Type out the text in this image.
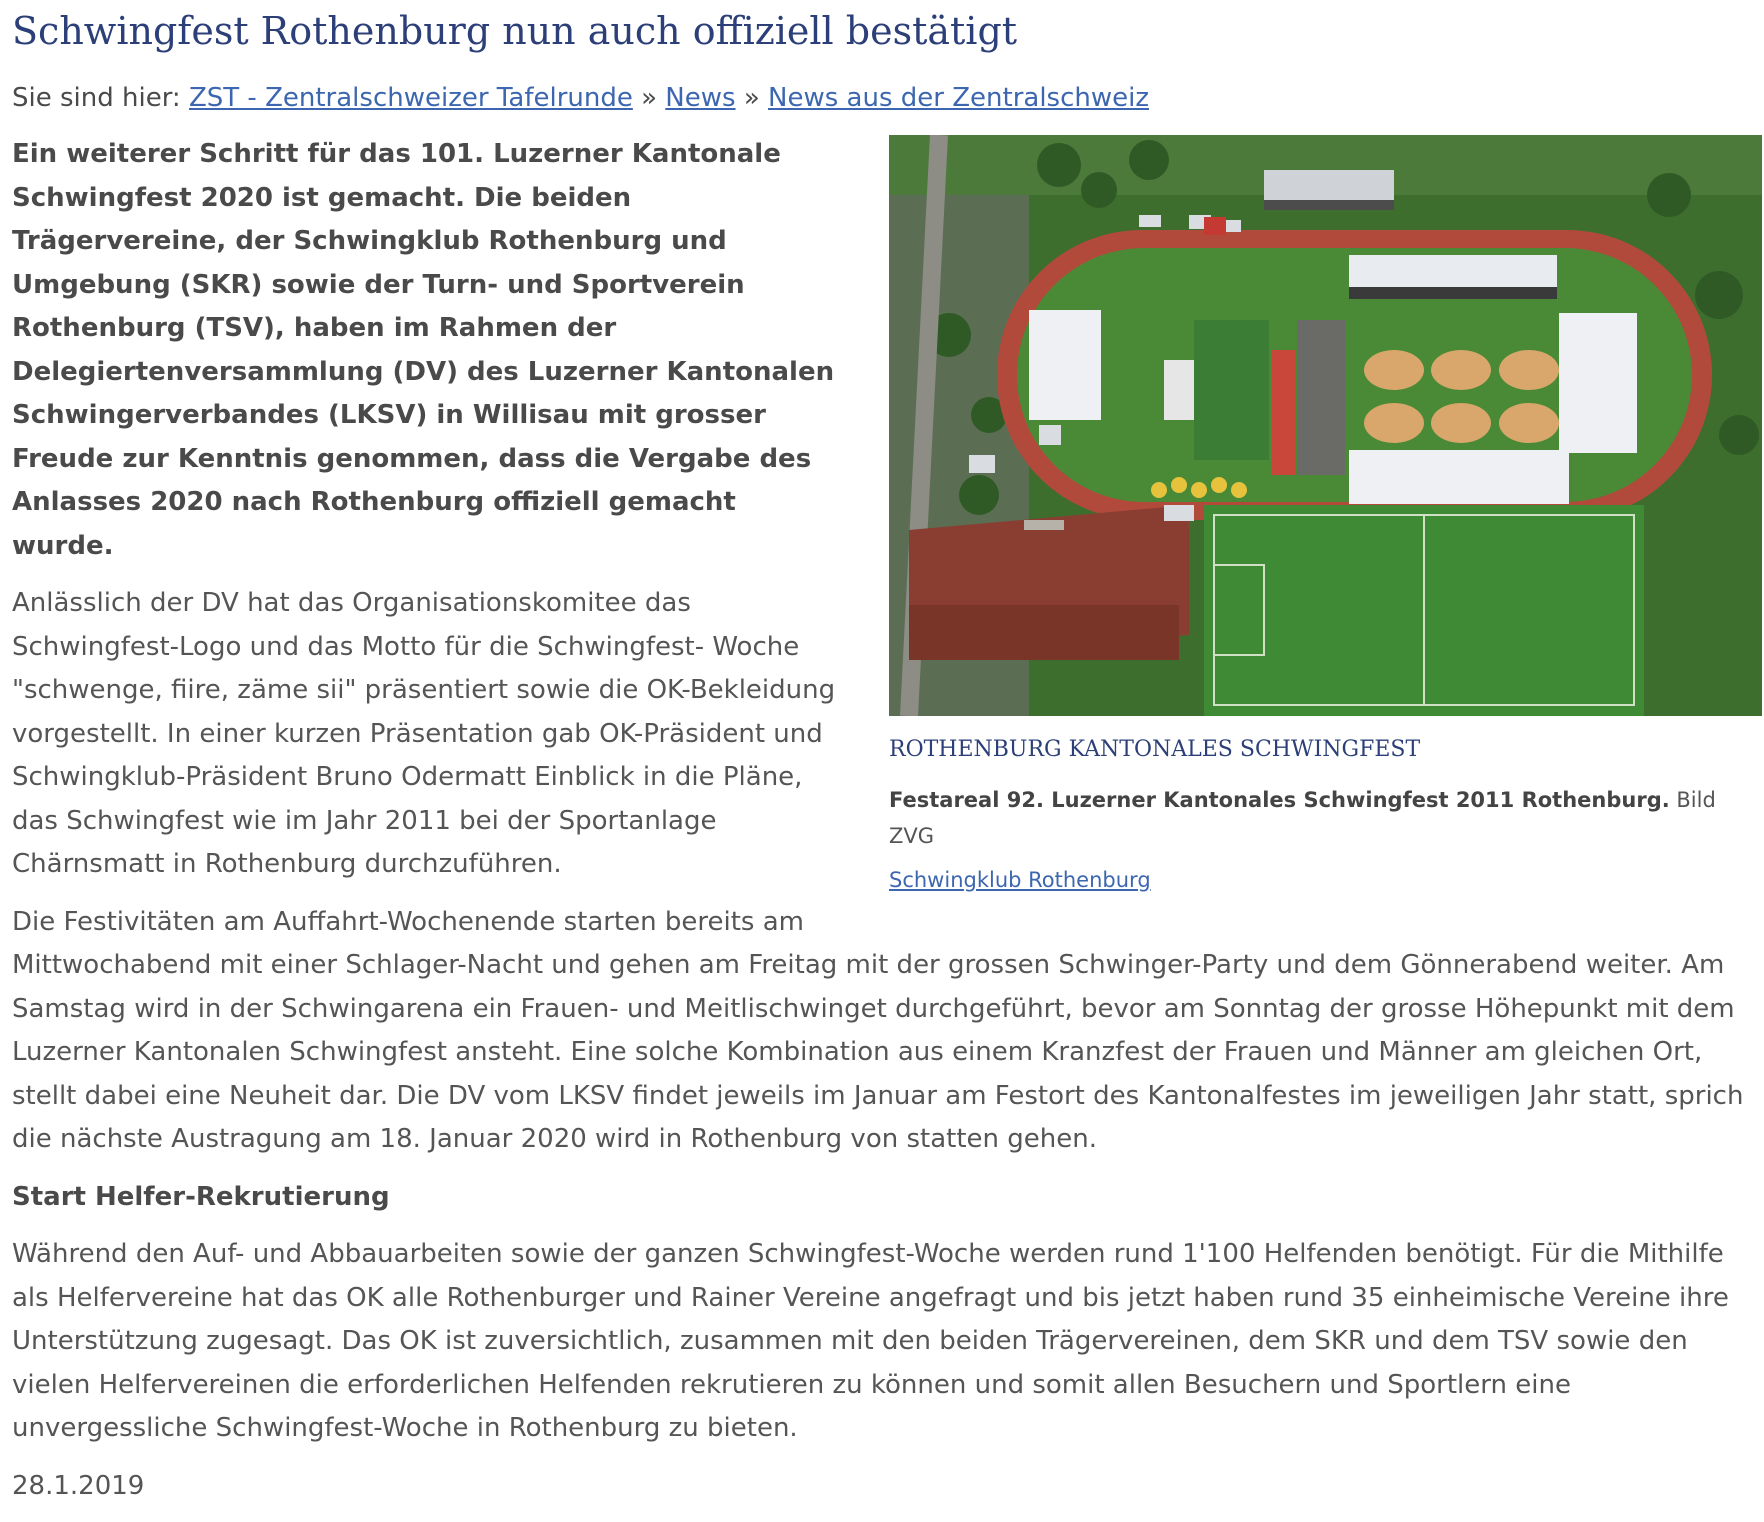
Schwingfest Rothenburg nun auch offiziell bestätigt
Sie sind hier: ZST - Zentralschweizer Tafelrunde » News » News aus der Zentralschweiz
ROTHENBURG KANTONALES SCHWINGFEST
Festareal 92. Luzerner Kantonales Schwingfest 2011 Rothenburg. Bild ZVG
Schwingklub Rothenburg

Ein weiterer Schritt für das 101. Luzerner Kantonale Schwingfest 2020 ist gemacht. Die beiden Trägervereine, der Schwingklub Rothenburg und Umgebung (SKR) sowie der Turn- und Sportverein Rothenburg (TSV), haben im Rahmen der Delegiertenversammlung (DV) des Luzerner Kantonalen Schwingerverbandes (LKSV) in Willisau mit grosser Freude zur Kenntnis genommen, dass die Vergabe des Anlasses 2020 nach Rothenburg offiziell gemacht wurde.

Anlässlich der DV hat das Organisationskomitee das Schwingfest-Logo und das Motto für die Schwingfest- Woche "schwenge, fiire, zäme sii" präsentiert sowie die OK-Bekleidung vorgestellt. In einer kurzen Präsentation gab OK-Präsident und Schwingklub-Präsident Bruno Odermatt Einblick in die Pläne, das Schwingfest wie im Jahr 2011 bei der Sportanlage Chärnsmatt in Rothenburg durchzuführen.

Die Festivitäten am Auffahrt-Wochenende starten bereits am Mittwochabend mit einer Schlager-Nacht und gehen am Freitag mit der grossen Schwinger-Party und dem Gönnerabend weiter. Am Samstag wird in der Schwingarena ein Frauen- und Meitlischwinget durchgeführt, bevor am Sonntag der grosse Höhepunkt mit dem Luzerner Kantonalen Schwingfest ansteht. Eine solche Kombination aus einem Kranzfest der Frauen und Männer am gleichen Ort, stellt dabei eine Neuheit dar. Die DV vom LKSV findet jeweils im Januar am Festort des Kantonalfestes im jeweiligen Jahr statt, sprich die nächste Austragung am 18. Januar 2020 wird in Rothenburg von statten gehen.

Start Helfer-Rekrutierung

Während den Auf- und Abbauarbeiten sowie der ganzen Schwingfest-Woche werden rund 1'100 Helfenden benötigt. Für die Mithilfe als Helfervereine hat das OK alle Rothenburger und Rainer Vereine angefragt und bis jetzt haben rund 35 einheimische Vereine ihre Unterstützung zugesagt. Das OK ist zuversichtlich, zusammen mit den beiden Trägervereinen, dem SKR und dem TSV sowie den vielen Helfervereinen die erforderlichen Helfenden rekrutieren zu können und somit allen Besuchern und Sportlern eine unvergessliche Schwingfest-Woche in Rothenburg zu bieten.

28.1.2019
